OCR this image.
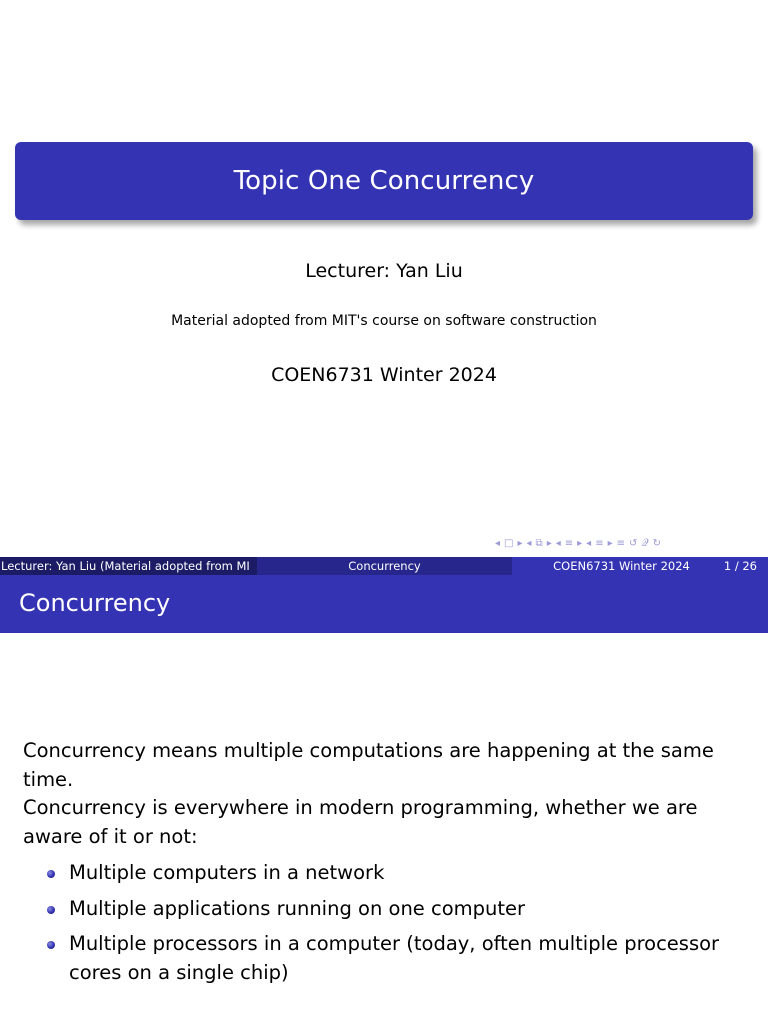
Topic One Concurrency
Lecturer: Yan Liu
Material adopted from MIT's course on software construction
COEN6731 Winter 2024
◂ □ ▸ ◂ ⧉ ▸ ◂ ≡ ▸ ◂ ≡ ▸ ≡ ↺ 𝒬 ↻
Lecturer: Yan Liu (Material adopted from MI	Concurrency	COEN6731 Winter 2024	1 / 26
Concurrency

Concurrency means multiple computations are happening at the same time.

Concurrency is everywhere in modern programming, whether we are aware of it or not:

Multiple computers in a network
Multiple applications running on one computer
Multiple processors in a computer (today, often multiple processor cores on a single chip)
